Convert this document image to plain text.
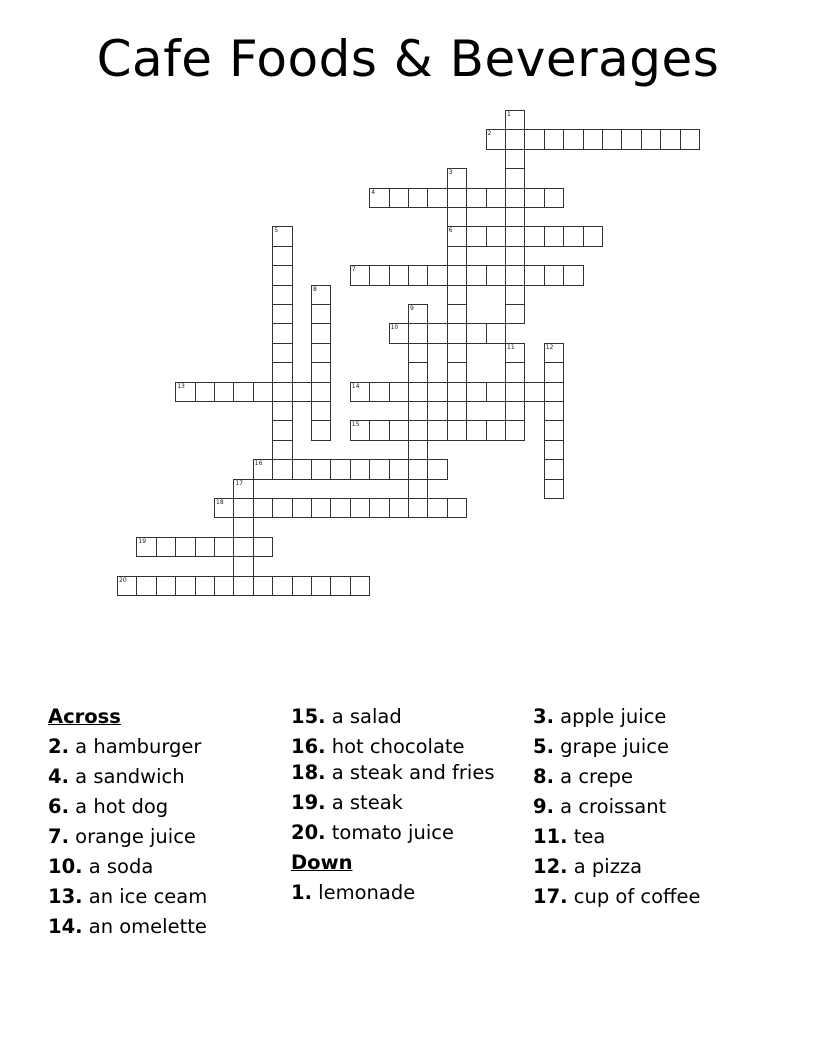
Cafe Foods & Beverages
1
2
3
6
4
5
7
8
9
10
11	12
13	14
15
16
17
18
19
20
Across
2. a hamburger
4. a sandwich
6. a hot dog
7. orange juice
10. a soda
13. an ice ceam
14. an omelette
15. a salad
16. hot chocolate
18. a steak and fries
19. a steak
20. tomato juice
Down
1. lemonade
3. apple juice
5. grape juice
8. a crepe
9. a croissant
11. tea
12. a pizza
17. cup of coffee
